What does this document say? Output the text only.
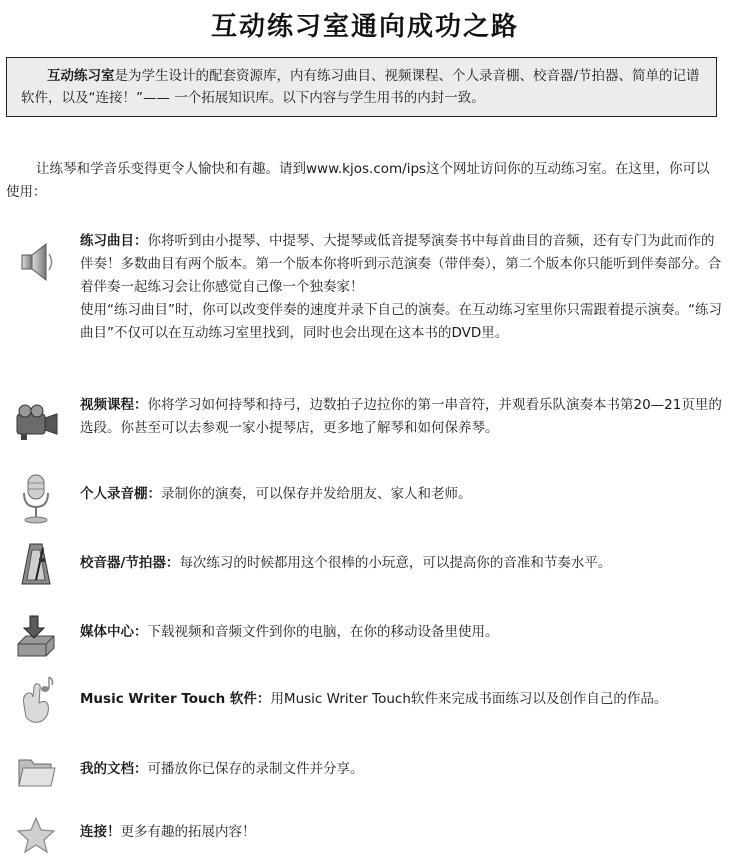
互动练习室通向成功之路
互动练习室是为学生设计的配套资源库，内有练习曲目、视频课程、个人录音棚、校音器/节拍器、简单的记谱软件，以及“连接！”—— 一个拓展知识库。以下内容与学生用书的内封一致。
让练琴和学音乐变得更令人愉快和有趣。请到www.kjos.com/ips这个网址访问你的互动练习室。在这里，你可以使用：
练习曲目：你将听到由小提琴、中提琴、大提琴或低音提琴演奏书中每首曲目的音频，还有专门为此而作的伴奏！多数曲目有两个版本。第一个版本你将听到示范演奏（带伴奏），第二个版本你只能听到伴奏部分。合着伴奏一起练习会让你感觉自己像一个独奏家！
使用“练习曲目”时，你可以改变伴奏的速度并录下自己的演奏。在互动练习室里你只需跟着提示演奏。“练习曲目”不仅可以在互动练习室里找到，同时也会出现在这本书的DVD里。
视频课程：你将学习如何持琴和持弓，边数拍子边拉你的第一串音符，并观看乐队演奏本书第20—21页里的选段。你甚至可以去参观一家小提琴店，更多地了解琴和如何保养琴。
个人录音棚：录制你的演奏，可以保存并发给朋友、家人和老师。
校音器/节拍器：每次练习的时候都用这个很棒的小玩意，可以提高你的音准和节奏水平。
媒体中心：下载视频和音频文件到你的电脑，在你的移动设备里使用。
Music Writer Touch 软件：用Music Writer Touch软件来完成书面练习以及创作自己的作品。
我的文档：可播放你已保存的录制文件并分享。
连接！更多有趣的拓展内容！
